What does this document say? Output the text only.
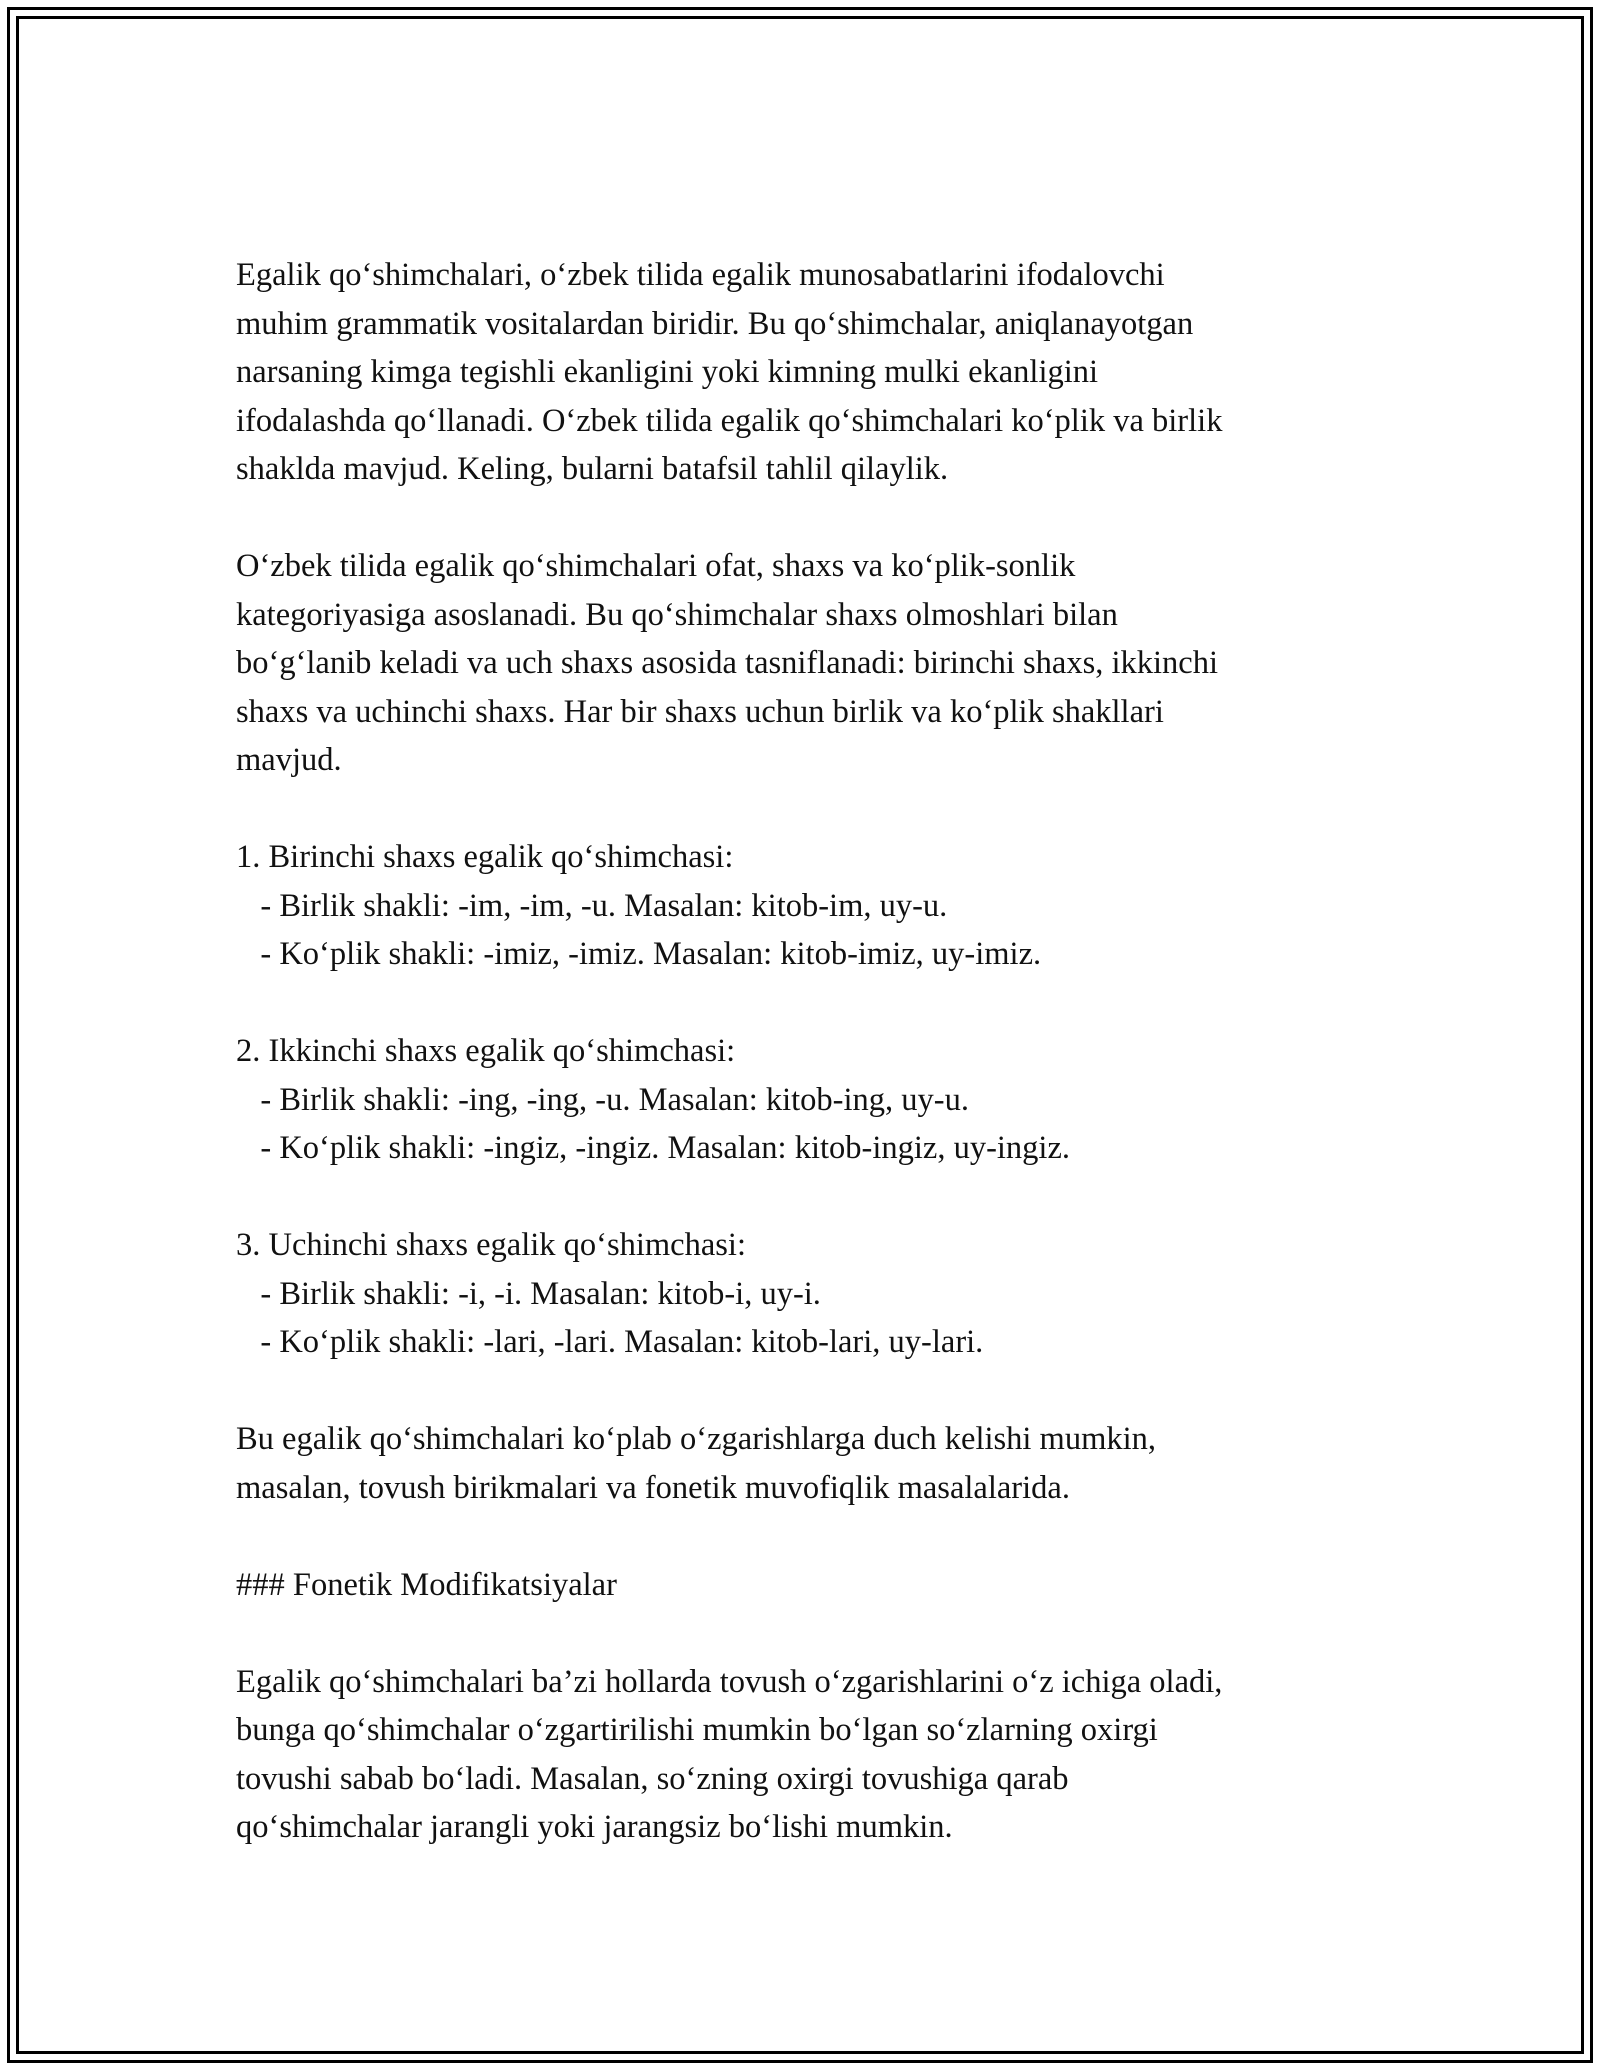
Egalik qo‘shimchalari, o‘zbek tilida egalik munosabatlarini ifodalovchi
muhim grammatik vositalardan biridir. Bu qo‘shimchalar, aniqlanayotgan
narsaning kimga tegishli ekanligini yoki kimning mulki ekanligini
ifodalashda qo‘llanadi. O‘zbek tilida egalik qo‘shimchalari ko‘plik va birlik
shaklda mavjud. Keling, bularni batafsil tahlil qilaylik.
O‘zbek tilida egalik qo‘shimchalari ofat, shaxs va ko‘plik-sonlik
kategoriyasiga asoslanadi. Bu qo‘shimchalar shaxs olmoshlari bilan
bo‘g‘lanib keladi va uch shaxs asosida tasniflanadi: birinchi shaxs, ikkinchi
shaxs va uchinchi shaxs. Har bir shaxs uchun birlik va ko‘plik shakllari
mavjud.
1. Birinchi shaxs egalik qo‘shimchasi:
- Birlik shakli: -im, -im, -u. Masalan: kitob-im, uy-u.
- Ko‘plik shakli: -imiz, -imiz. Masalan: kitob-imiz, uy-imiz.
2. Ikkinchi shaxs egalik qo‘shimchasi:
- Birlik shakli: -ing, -ing, -u. Masalan: kitob-ing, uy-u.
- Ko‘plik shakli: -ingiz, -ingiz. Masalan: kitob-ingiz, uy-ingiz.
3. Uchinchi shaxs egalik qo‘shimchasi:
- Birlik shakli: -i, -i. Masalan: kitob-i, uy-i.
- Ko‘plik shakli: -lari, -lari. Masalan: kitob-lari, uy-lari.
Bu egalik qo‘shimchalari ko‘plab o‘zgarishlarga duch kelishi mumkin,
masalan, tovush birikmalari va fonetik muvofiqlik masalalarida.
### Fonetik Modifikatsiyalar
Egalik qo‘shimchalari ba’zi hollarda tovush o‘zgarishlarini o‘z ichiga oladi,
bunga qo‘shimchalar o‘zgartirilishi mumkin bo‘lgan so‘zlarning oxirgi
tovushi sabab bo‘ladi. Masalan, so‘zning oxirgi tovushiga qarab
qo‘shimchalar jarangli yoki jarangsiz bo‘lishi mumkin.
